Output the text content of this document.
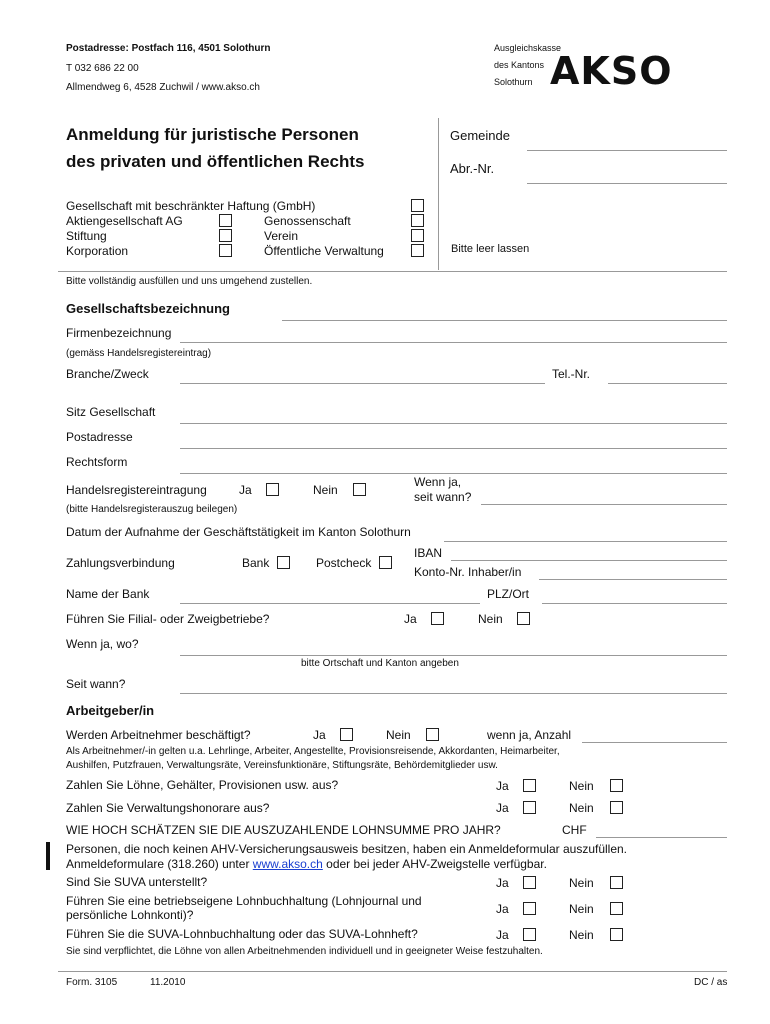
Postadresse: Postfach 116, 4501 Solothurn
T 032 686 22 00
Allmendweg 6, 4528 Zuchwil / www.akso.ch
Ausgleichskasse
des Kantons
Solothurn AKSO
Anmeldung für juristische Personen
des privaten und öffentlichen Rechts
Gemeinde
Abr.-Nr.
Bitte leer lassen
Gesellschaft mit beschränkter Haftung (GmbH)
Aktiengesellschaft AG	Genossenschaft
Stiftung	Verein
Korporation	Öffentliche Verwaltung
Bitte vollständig ausfüllen und uns umgehend zustellen.
Gesellschaftsbezeichnung
Firmenbezeichnung
(gemäss Handelsregistereintrag)
Branche/Zweck	Tel.-Nr.
Sitz Gesellschaft
Postadresse
Rechtsform
Handelsregistereintragung	Ja	Nein
Wenn ja,
seit wann?
(bitte Handelsregisterauszug beilegen)
Datum der Aufnahme der Geschäftstätigkeit im Kanton Solothurn
IBAN
Zahlungsverbindung	Bank	Postcheck
Konto-Nr. Inhaber/in
Name der Bank	PLZ/Ort
Führen Sie Filial- oder Zweigbetriebe?	Ja	Nein
Wenn ja, wo?
bitte Ortschaft und Kanton angeben
Seit wann?
Arbeitgeber/in
Werden Arbeitnehmer beschäftigt?	Ja	Nein	wenn ja, Anzahl
Als Arbeitnehmer/-in gelten u.a. Lehrlinge, Arbeiter, Angestellte, Provisionsreisende, Akkordanten, Heimarbeiter,
Aushilfen, Putzfrauen, Verwaltungsräte, Vereinsfunktionäre, Stiftungsräte, Behördemitglieder usw.
Zahlen Sie Löhne, Gehälter, Provisionen usw. aus?	Ja	Nein
Zahlen Sie Verwaltungshonorare aus?	Ja	Nein
WIE HOCH SCHÄTZEN SIE DIE AUSZUZAHLENDE LOHNSUMME PRO JAHR?	CHF
Personen, die noch keinen AHV-Versicherungsausweis besitzen, haben ein Anmeldeformular auszufüllen.
Anmeldeformulare (318.260) unter www.akso.ch oder bei jeder AHV-Zweigstelle verfügbar.
Sind Sie SUVA unterstellt?	Ja	Nein
Führen Sie eine betriebseigene Lohnbuchhaltung (Lohnjournal und
persönliche Lohnkonti)?	Ja	Nein
Führen Sie die SUVA-Lohnbuchhaltung oder das SUVA-Lohnheft?	Ja	Nein
Sie sind verpflichtet, die Löhne von allen Arbeitnehmenden individuell und in geeigneter Weise festzuhalten.
Form. 3105	11.2010	DC / as
